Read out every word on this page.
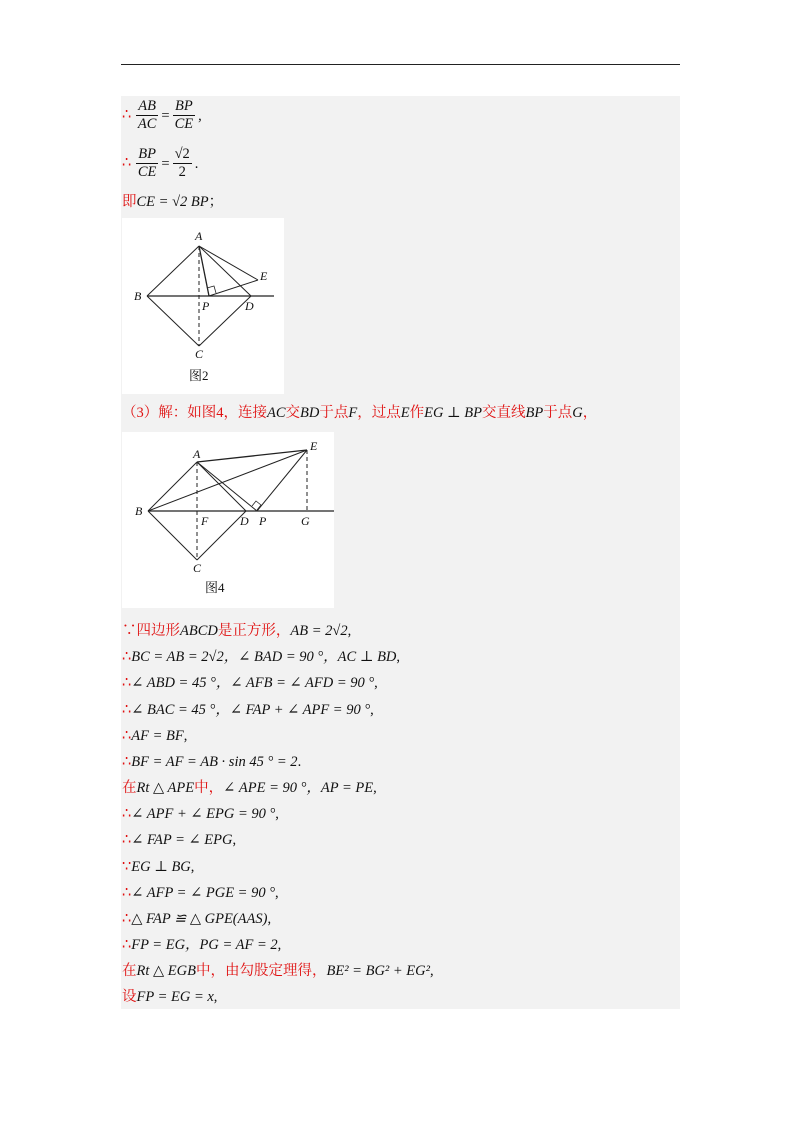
∴ $\frac{AB}{AC} = \frac{BP}{CE}$ ,
∴ $\frac{BP}{CE} = \frac{√2}{2}$ .
即CE = √2 BP；
A
B
C
D
E
P
图2
（3）解：如图4，连接AC交BD于点F，过点E作EG ⊥ BP交直线BP于点G，
A
B
C
D
E
F	P	G
图4
∵四边形ABCD是正方形，AB = 2√2,
∴BC = AB = 2√2，∠ BAD = 90 °，AC ⊥ BD,
∴∠ ABD = 45 °，∠ AFB = ∠ AFD = 90 °,
∴∠ BAC = 45 °，∠ FAP + ∠ APF = 90 °,
∴AF = BF,
∴BF = AF = AB · sin 45 ° = 2.
在Rt △ APE中，∠ APE = 90 °，AP = PE,
∴∠ APF + ∠ EPG = 90 °,
∴∠ FAP = ∠ EPG,
∵EG ⊥ BG,
∴∠ AFP = ∠ PGE = 90 °,
∴△ FAP ≌ △ GPE(AAS),
∴FP = EG，PG = AF = 2,
在Rt △ EGB中，由勾股定理得，BE² = BG² + EG²,
设FP = EG = x,
